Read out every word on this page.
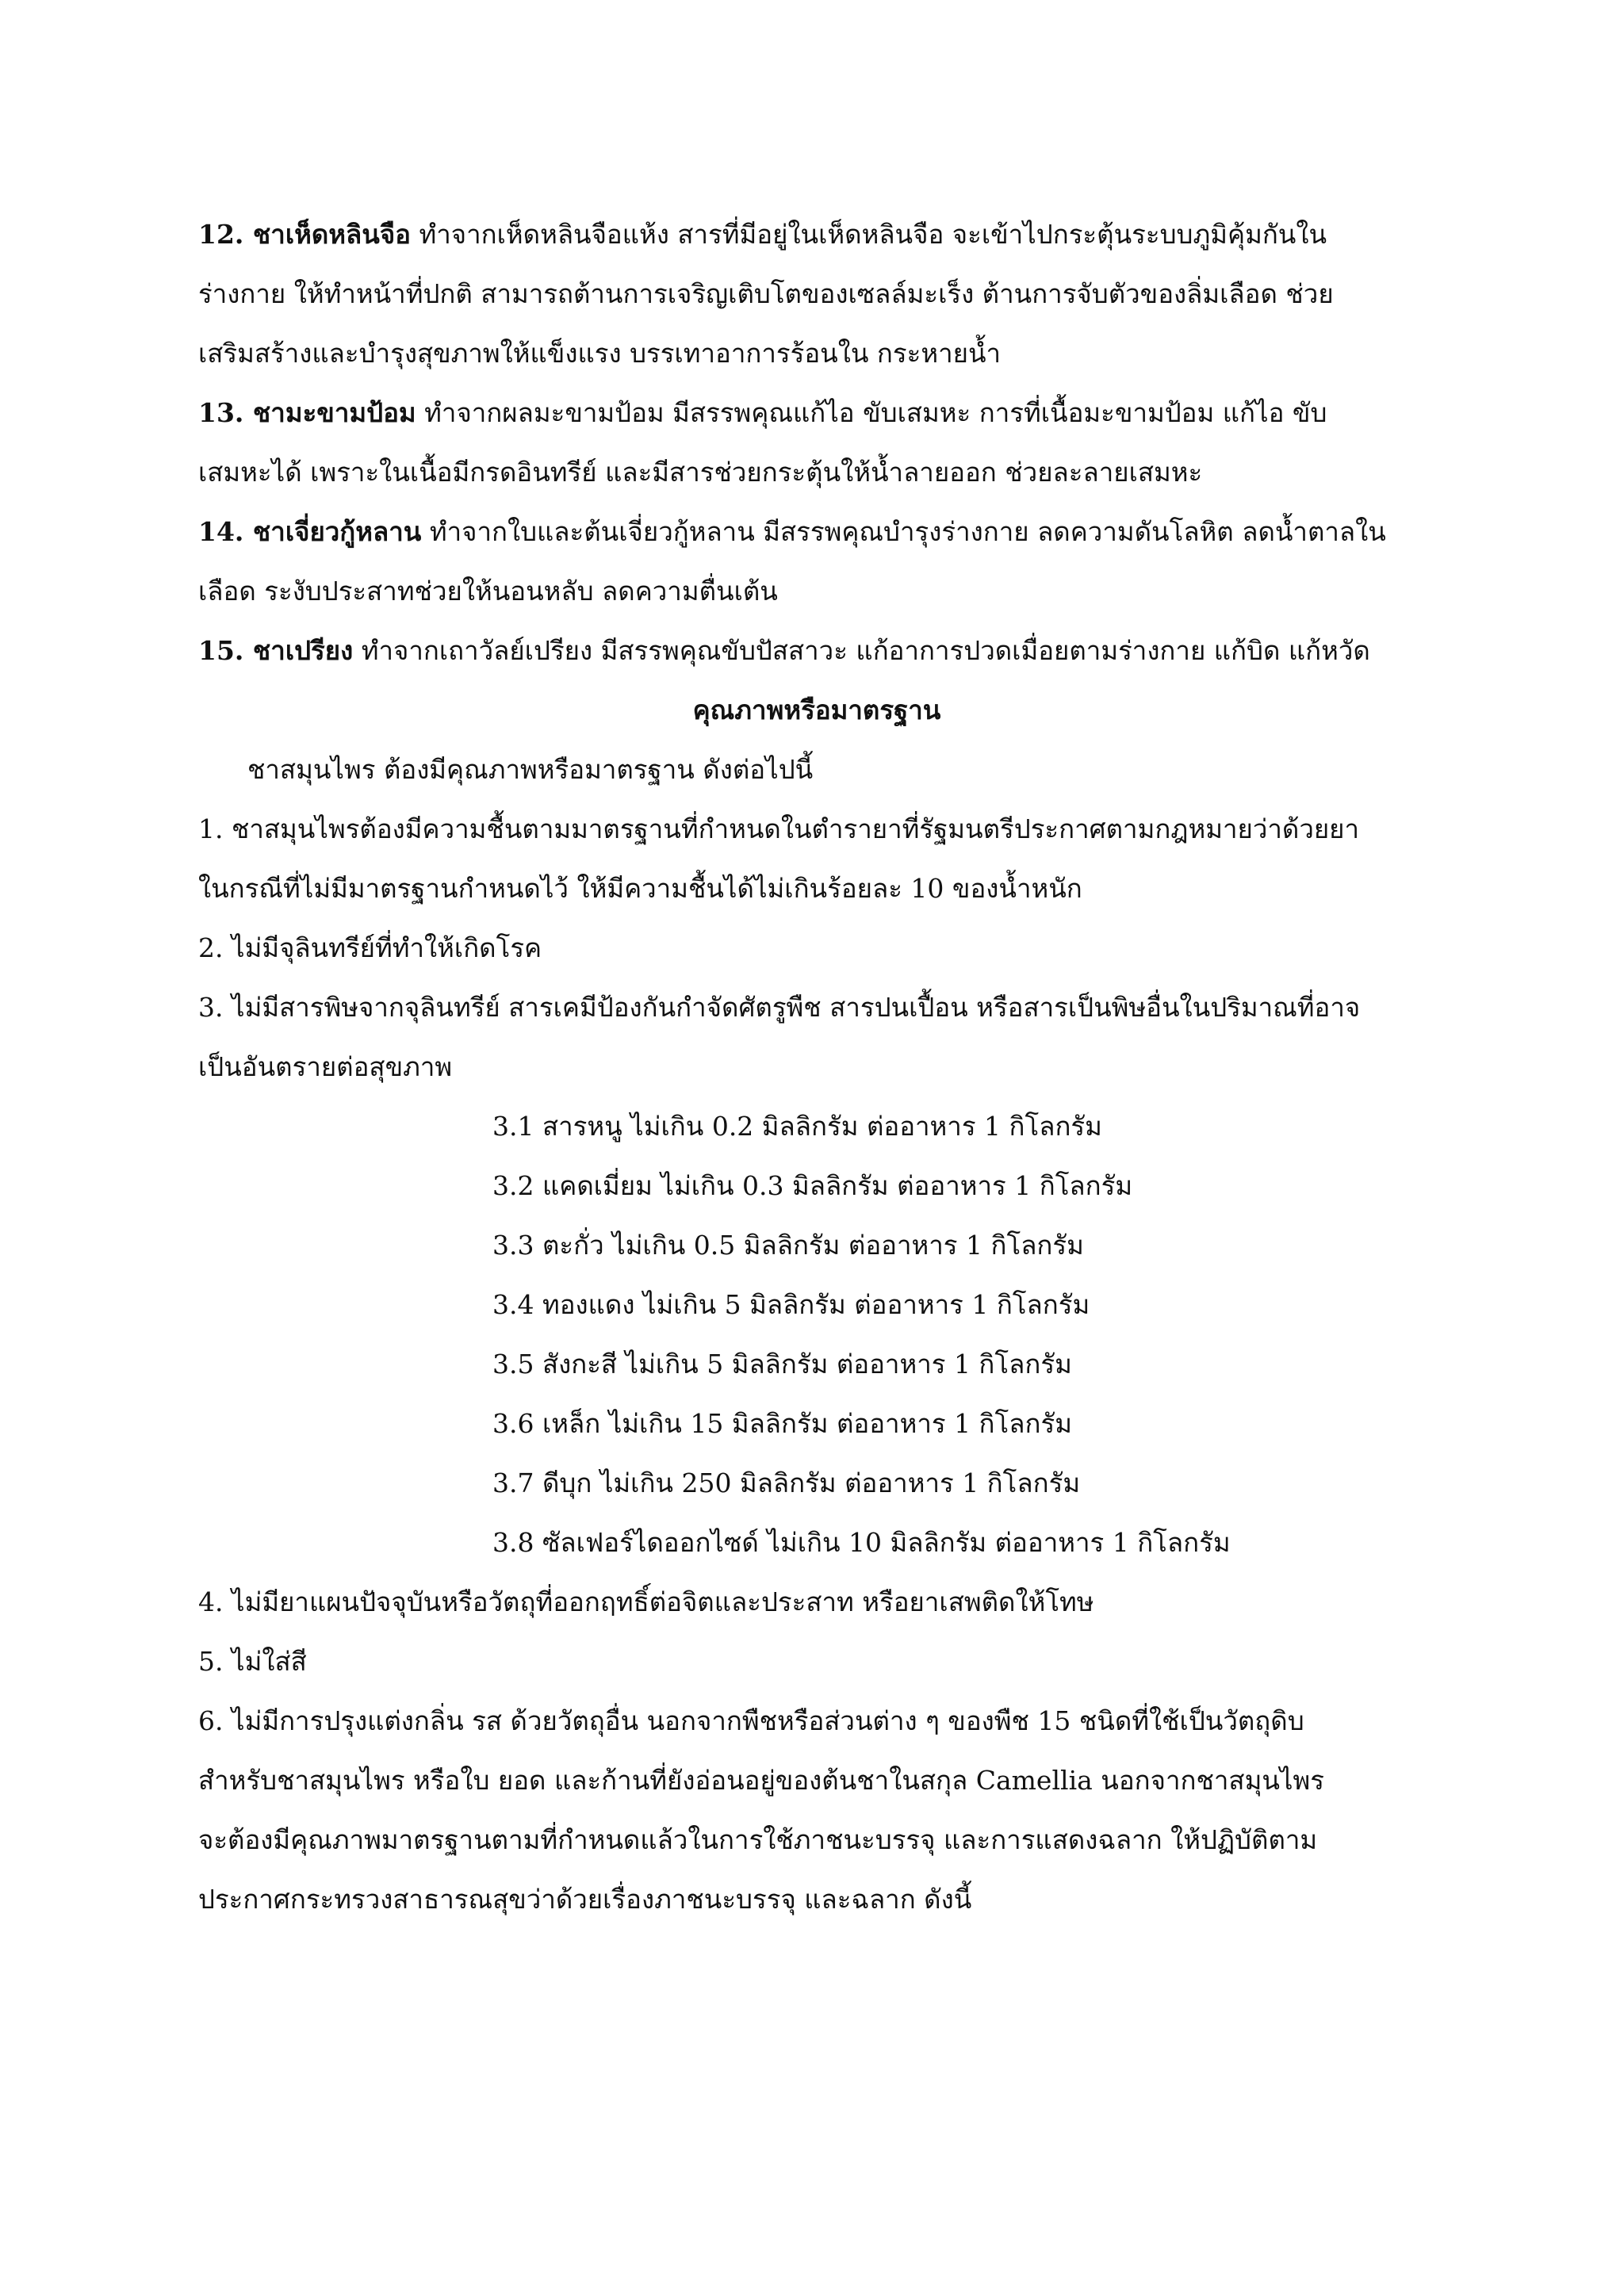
12. ชาเห็ดหลินจือ ทำจากเห็ดหลินจือแห้ง สารที่มีอยู่ในเห็ดหลินจือ จะเข้าไปกระตุ้นระบบภูมิคุ้มกันใน
ร่างกาย ให้ทำหน้าที่ปกติ สามารถต้านการเจริญเติบโตของเซลล์มะเร็ง ต้านการจับตัวของลิ่มเลือด ช่วย
เสริมสร้างและบำรุงสุขภาพให้แข็งแรง บรรเทาอาการร้อนใน กระหายน้ำ

13. ชามะขามป้อม ทำจากผลมะขามป้อม มีสรรพคุณแก้ไอ ขับเสมหะ การที่เนื้อมะขามป้อม แก้ไอ ขับ
เสมหะได้ เพราะในเนื้อมีกรดอินทรีย์ และมีสารช่วยกระตุ้นให้น้ำลายออก ช่วยละลายเสมหะ

14. ชาเจี่ยวกู้หลาน ทำจากใบและต้นเจี่ยวกู้หลาน มีสรรพคุณบำรุงร่างกาย ลดความดันโลหิต ลดน้ำตาลใน
เลือด ระงับประสาทช่วยให้นอนหลับ ลดความตื่นเต้น

15. ชาเปรียง ทำจากเถาวัลย์เปรียง มีสรรพคุณขับปัสสาวะ แก้อาการปวดเมื่อยตามร่างกาย แก้บิด แก้หวัด

คุณภาพหรือมาตรฐาน

ชาสมุนไพร ต้องมีคุณภาพหรือมาตรฐาน ดังต่อไปนี้

1. ชาสมุนไพรต้องมีความชื้นตามมาตรฐานที่กำหนดในตำรายาที่รัฐมนตรีประกาศตามกฎหมายว่าด้วยยา
ในกรณีที่ไม่มีมาตรฐานกำหนดไว้ ให้มีความชื้นได้ไม่เกินร้อยละ 10 ของน้ำหนัก

2. ไม่มีจุลินทรีย์ที่ทำให้เกิดโรค

3. ไม่มีสารพิษจากจุลินทรีย์ สารเคมีป้องกันกำจัดศัตรูพืช สารปนเปื้อน หรือสารเป็นพิษอื่นในปริมาณที่อาจ
เป็นอันตรายต่อสุขภาพ

3.1 สารหนู ไม่เกิน 0.2 มิลลิกรัม ต่ออาหาร 1 กิโลกรัม

3.2 แคดเมี่ยม ไม่เกิน 0.3 มิลลิกรัม ต่ออาหาร 1 กิโลกรัม

3.3 ตะกั่ว ไม่เกิน 0.5 มิลลิกรัม ต่ออาหาร 1 กิโลกรัม

3.4 ทองแดง ไม่เกิน 5 มิลลิกรัม ต่ออาหาร 1 กิโลกรัม

3.5 สังกะสี ไม่เกิน 5 มิลลิกรัม ต่ออาหาร 1 กิโลกรัม

3.6 เหล็ก ไม่เกิน 15 มิลลิกรัม ต่ออาหาร 1 กิโลกรัม

3.7 ดีบุก ไม่เกิน 250 มิลลิกรัม ต่ออาหาร 1 กิโลกรัม

3.8 ซัลเฟอร์ไดออกไซด์ ไม่เกิน 10 มิลลิกรัม ต่ออาหาร 1 กิโลกรัม

4. ไม่มียาแผนปัจจุบันหรือวัตถุที่ออกฤทธิ์ต่อจิตและประสาท หรือยาเสพติดให้โทษ

5. ไม่ใส่สี

6. ไม่มีการปรุงแต่งกลิ่น รส ด้วยวัตถุอื่น นอกจากพืชหรือส่วนต่าง ๆ ของพืช 15 ชนิดที่ใช้เป็นวัตถุดิบ
สำหรับชาสมุนไพร หรือใบ ยอด และก้านที่ยังอ่อนอยู่ของต้นชาในสกุล Camellia นอกจากชาสมุนไพร
จะต้องมีคุณภาพมาตรฐานตามที่กำหนดแล้วในการใช้ภาชนะบรรจุ และการแสดงฉลาก ให้ปฏิบัติตาม
ประกาศกระทรวงสาธารณสุขว่าด้วยเรื่องภาชนะบรรจุ และฉลาก ดังนี้
